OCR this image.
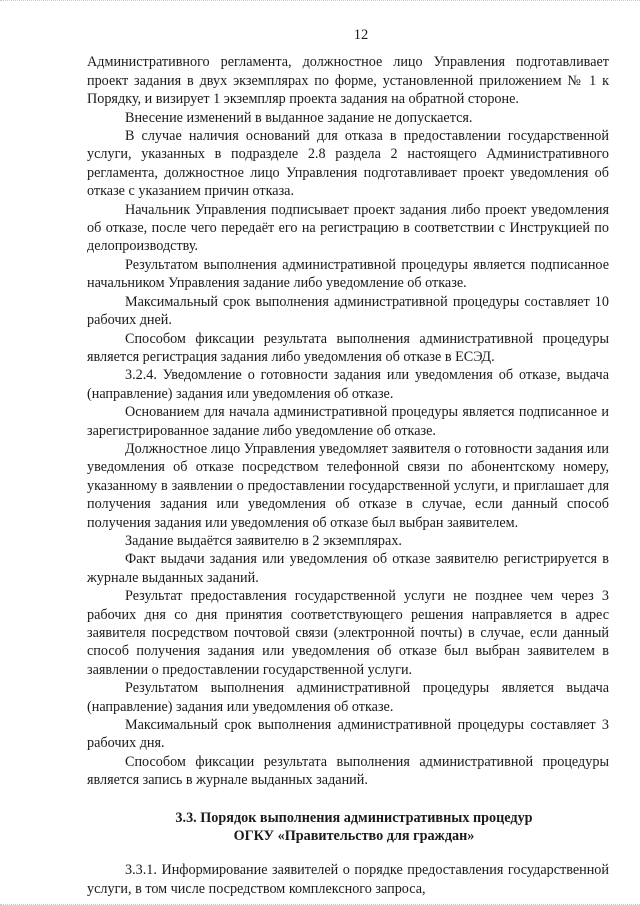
12

Административного регламента, должностное лицо Управления подготавливает проект задания в двух экземплярах по форме, установленной приложением № 1 к Порядку, и визирует 1 экземпляр проекта задания на обратной стороне.

Внесение изменений в выданное задание не допускается.

В случае наличия оснований для отказа в предоставлении государственной услуги, указанных в подразделе 2.8 раздела 2 настоящего Административного регламента, должностное лицо Управления подготавливает проект уведомления об отказе с указанием причин отказа.

Начальник Управления подписывает проект задания либо проект уведомления об отказе, после чего передаёт его на регистрацию в соответствии с Инструкцией по делопроизводству.

Результатом выполнения административной процедуры является подписанное начальником Управления задание либо уведомление об отказе.

Максимальный срок выполнения административной процедуры составляет 10 рабочих дней.

Способом фиксации результата выполнения административной процедуры является регистрация задания либо уведомления об отказе в ЕСЭД.

3.2.4. Уведомление о готовности задания или уведомления об отказе, выдача (направление) задания или уведомления об отказе.

Основанием для начала административной процедуры является подписанное и зарегистрированное задание либо уведомление об отказе.

Должностное лицо Управления уведомляет заявителя о готовности задания или уведомления об отказе посредством телефонной связи по абонентскому номеру, указанному в заявлении о предоставлении государственной услуги, и приглашает для получения задания или уведомления об отказе в случае, если данный способ получения задания или уведомления об отказе был выбран заявителем.

Задание выдаётся заявителю в 2 экземплярах.

Факт выдачи задания или уведомления об отказе заявителю регистрируется в журнале выданных заданий.

Результат предоставления государственной услуги не позднее чем через 3 рабочих дня со дня принятия соответствующего решения направляется в адрес заявителя посредством почтовой связи (электронной почты) в случае, если данный способ получения задания или уведомления об отказе был выбран заявителем в заявлении о предоставлении государственной услуги.

Результатом выполнения административной процедуры является выдача (направление) задания или уведомления об отказе.

Максимальный срок выполнения административной процедуры составляет 3 рабочих дня.

Способом фиксации результата выполнения административной процедуры является запись в журнале выданных заданий.

3.3. Порядок выполнения административных процедур
ОГКУ «Правительство для граждан»

3.3.1. Информирование заявителей о порядке предоставления государственной услуги, в том числе посредством комплексного запроса,
